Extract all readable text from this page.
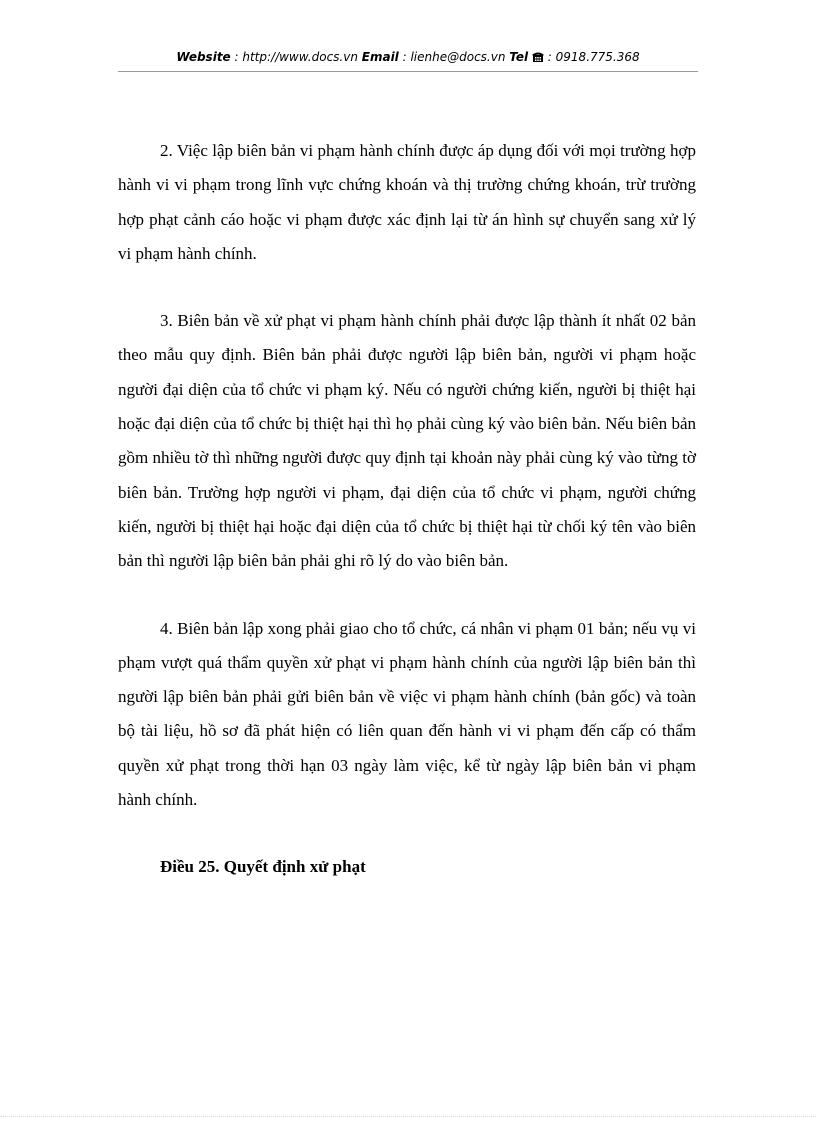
Website : http://www.docs.vn Email : lienhe@docs.vn Tel  : 0918.775.368

2. Việc lập biên bản vi phạm hành chính được áp dụng đối với mọi trường hợp hành vi vi phạm trong lĩnh vực chứng khoán và thị trường chứng khoán, trừ trường hợp phạt cảnh cáo hoặc vi phạm được xác định lại từ án hình sự chuyển sang xử lý vi phạm hành chính.

3. Biên bản về xử phạt vi phạm hành chính phải được lập thành ít nhất 02 bản theo mẫu quy định. Biên bản phải được người lập biên bản, người vi phạm hoặc người đại diện của tổ chức vi phạm ký. Nếu có người chứng kiến, người bị thiệt hại hoặc đại diện của tổ chức bị thiệt hại thì họ phải cùng ký vào biên bản. Nếu biên bản gồm nhiều tờ thì những người được quy định tại khoản này phải cùng ký vào từng tờ biên bản. Trường hợp người vi phạm, đại diện của tổ chức vi phạm, người chứng kiến, người bị thiệt hại hoặc đại diện của tổ chức bị thiệt hại từ chối ký tên vào biên bản thì người lập biên bản phải ghi rõ lý do vào biên bản.

4. Biên bản lập xong phải giao cho tổ chức, cá nhân vi phạm 01 bản; nếu vụ vi phạm vượt quá thẩm quyền xử phạt vi phạm hành chính của người lập biên bản thì người lập biên bản phải gửi biên bản về việc vi phạm hành chính (bản gốc) và toàn bộ tài liệu, hồ sơ đã phát hiện có liên quan đến hành vi vi phạm đến cấp có thẩm quyền xử phạt trong thời hạn 03 ngày làm việc, kể từ ngày lập biên bản vi phạm hành chính.

Điều 25. Quyết định xử phạt
